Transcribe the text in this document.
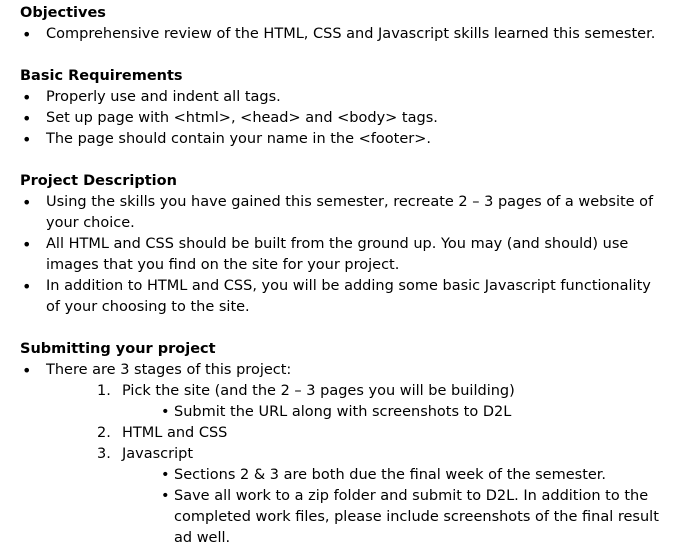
Objectives

• Comprehensive review of the HTML, CSS and Javascript skills learned this semester.

Basic Requirements

• Properly use and indent all tags.
• Set up page with <html>, <head> and <body> tags.
• The page should contain your name in the <footer>.

Project Description

• Using the skills you have gained this semester, recreate 2 – 3 pages of a website of your choice.
• All HTML and CSS should be built from the ground up. You may (and should) use images that you find on the site for your project.
• In addition to HTML and CSS, you will be adding some basic Javascript functionality of your choosing to the site.

Submitting your project

• There are 3 stages of this project:
1. Pick the site (and the 2 – 3 pages you will be building)
• Submit the URL along with screenshots to D2L
2. HTML and CSS
3. Javascript
• Sections 2 & 3 are both due the final week of the semester.
• Save all work to a zip folder and submit to D2L. In addition to the completed work files, please include screenshots of the final result ad well.
